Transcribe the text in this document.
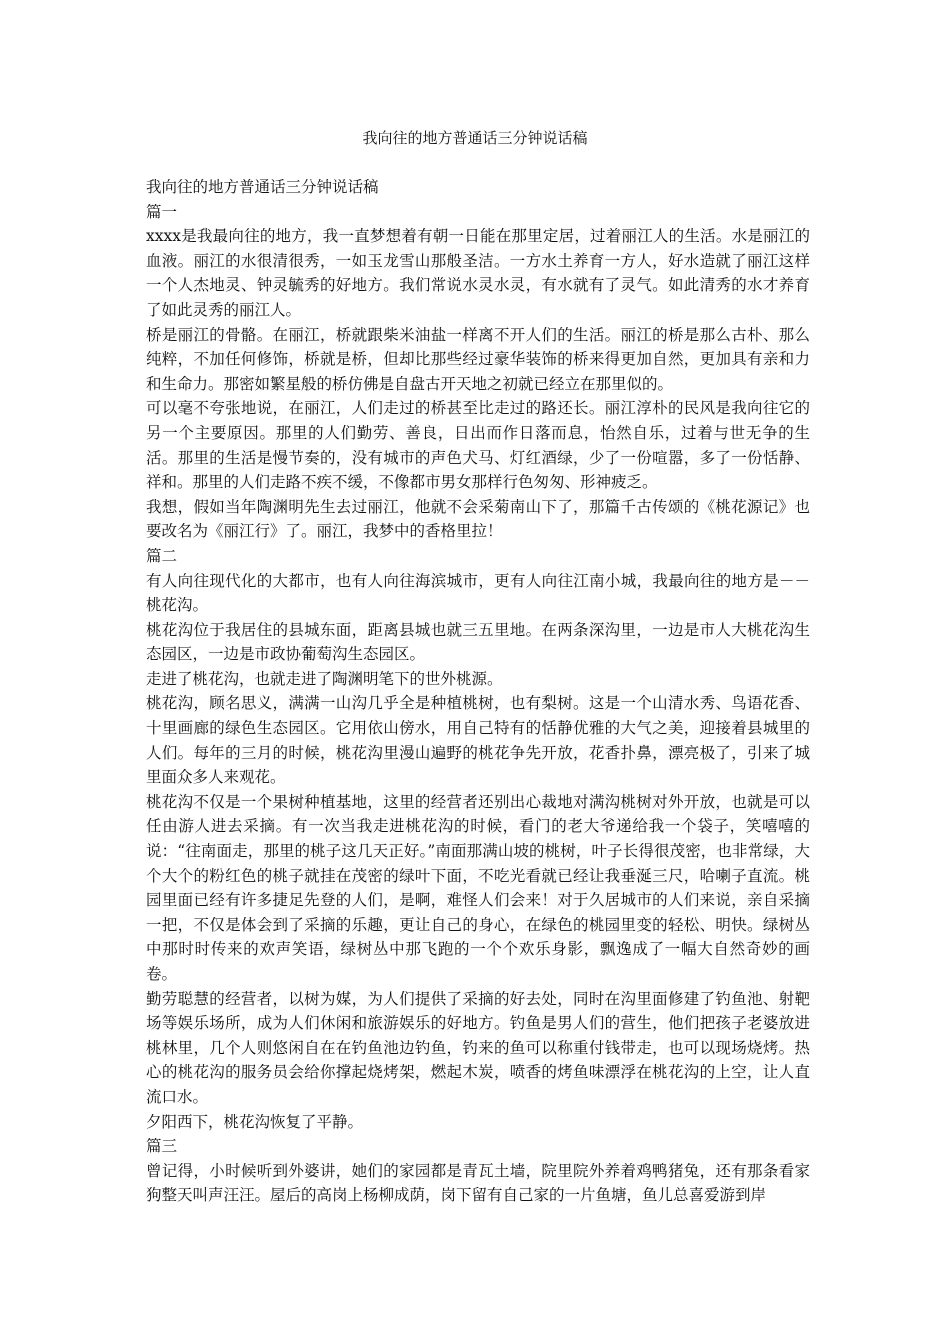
我向往的地方普通话三分钟说话稿

我向往的地方普通话三分钟说话稿

篇一

xxxx是我最向往的地方，我一直梦想着有朝一日能在那里定居，过着丽江人的生活。水是丽江的血液。丽江的水很清很秀，一如玉龙雪山那般圣洁。一方水土养育一方人，好水造就了丽江这样一个人杰地灵、钟灵毓秀的好地方。我们常说水灵水灵，有水就有了灵气。如此清秀的水才养育了如此灵秀的丽江人。

桥是丽江的骨骼。在丽江，桥就跟柴米油盐一样离不开人们的生活。丽江的桥是那么古朴、那么纯粹，不加任何修饰，桥就是桥，但却比那些经过豪华装饰的桥来得更加自然，更加具有亲和力和生命力。那密如繁星般的桥仿佛是自盘古开天地之初就已经立在那里似的。

可以毫不夸张地说，在丽江，人们走过的桥甚至比走过的路还长。丽江淳朴的民风是我向往它的另一个主要原因。那里的人们勤劳、善良，日出而作日落而息，怡然自乐，过着与世无争的生活。那里的生活是慢节奏的，没有城市的声色犬马、灯红酒绿，少了一份喧嚣，多了一份恬静、祥和。那里的人们走路不疾不缓，不像都市男女那样行色匆匆、形神疲乏。

我想，假如当年陶渊明先生去过丽江，他就不会采菊南山下了，那篇千古传颂的《桃花源记》也要改名为《丽江行》了。丽江，我梦中的香格里拉！

篇二

有人向往现代化的大都市，也有人向往海滨城市，更有人向往江南小城，我最向往的地方是－－桃花沟。

桃花沟位于我居住的县城东面，距离县城也就三五里地。在两条深沟里，一边是市人大桃花沟生态园区，一边是市政协葡萄沟生态园区。

走进了桃花沟，也就走进了陶渊明笔下的世外桃源。

桃花沟，顾名思义，满满一山沟几乎全是种植桃树，也有梨树。这是一个山清水秀、鸟语花香、十里画廊的绿色生态园区。它用依山傍水，用自己特有的恬静优雅的大气之美，迎接着县城里的人们。每年的三月的时候，桃花沟里漫山遍野的桃花争先开放，花香扑鼻，漂亮极了，引来了城里面众多人来观花。

桃花沟不仅是一个果树种植基地，这里的经营者还别出心裁地对满沟桃树对外开放，也就是可以任由游人进去采摘。有一次当我走进桃花沟的时候，看门的老大爷递给我一个袋子，笑嘻嘻的说：“往南面走，那里的桃子这几天正好。”南面那满山坡的桃树，叶子长得很茂密，也非常绿，大个大个的粉红色的桃子就挂在茂密的绿叶下面，不吃光看就已经让我垂涎三尺，哈喇子直流。桃园里面已经有许多捷足先登的人们，是啊，难怪人们会来！对于久居城市的人们来说，亲自采摘一把，不仅是体会到了采摘的乐趣，更让自己的身心，在绿色的桃园里变的轻松、明快。绿树丛中那时时传来的欢声笑语，绿树丛中那飞跑的一个个欢乐身影，飘逸成了一幅大自然奇妙的画卷。

勤劳聪慧的经营者，以树为媒，为人们提供了采摘的好去处，同时在沟里面修建了钓鱼池、射靶场等娱乐场所，成为人们休闲和旅游娱乐的好地方。钓鱼是男人们的营生，他们把孩子老婆放进桃林里，几个人则悠闲自在在钓鱼池边钓鱼，钓来的鱼可以称重付钱带走，也可以现场烧烤。热心的桃花沟的服务员会给你撑起烧烤架，燃起木炭，喷香的烤鱼味漂浮在桃花沟的上空，让人直流口水。

夕阳西下，桃花沟恢复了平静。

篇三

曾记得，小时候听到外婆讲，她们的家园都是青瓦土墙，院里院外养着鸡鸭猪兔，还有那条看家狗整天叫声汪汪。屋后的高岗上杨柳成荫，岗下留有自己家的一片鱼塘，鱼儿总喜爱游到岸
